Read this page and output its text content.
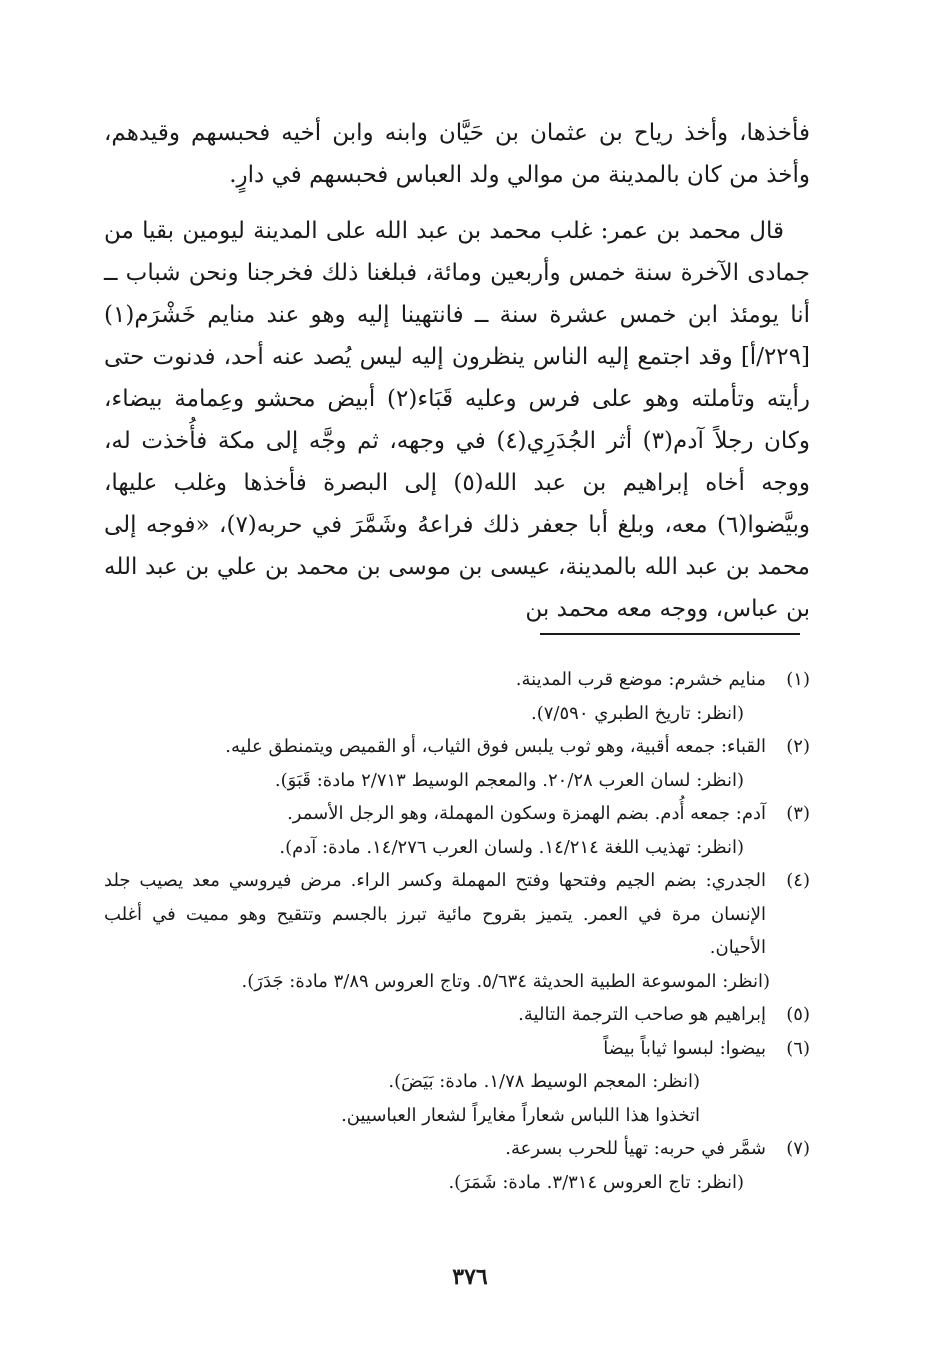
فأخذها، وأخذ رياح بن عثمان بن حَيَّان وابنه وابن أخيه فحبسهم وقيدهم، وأخذ من كان بالمدينة من موالي ولد العباس فحبسهم في دارٍ.

قال محمد بن عمر: غلب محمد بن عبد الله على المدينة ليومين بقيا من جمادى الآخرة سنة خمس وأربعين ومائة، فبلغنا ذلك فخرجنا ونحن شباب ــ أنا يومئذ ابن خمس عشرة سنة ــ فانتهينا إليه وهو عند منايم خَشْرَم(١) [٢٢٩/أ] وقد اجتمع إليه الناس ينظرون إليه ليس يُصد عنه أحد، فدنوت حتى رأيته وتأملته وهو على فرس وعليه قَبَاء(٢) أبيض محشو وعِمامة بيضاء، وكان رجلاً آدم(٣) أثر الجُدَرِي(٤) في وجهه، ثم وجَّه إلى مكة فأُخذت له، ووجه أخاه إبراهيم بن عبد الله(٥) إلى البصرة فأخذها وغلب عليها، وبيَّضوا(٦) معه، وبلغ أبا جعفر ذلك فراعهُ وشَمَّرَ في حربه(٧)، «فوجه إلى محمد بن عبد الله بالمدينة، عيسى بن موسى بن محمد بن علي بن عبد الله بن عباس، ووجه معه محمد بن

(١)
منايم خشرم: موضع قرب المدينة.
(انظر: تاريخ الطبري ٧/٥٩٠).
(٢)
القباء: جمعه أقبية، وهو ثوب يلبس فوق الثياب، أو القميص ويتمنطق عليه.
(انظر: لسان العرب ٢٠/٢٨. والمعجم الوسيط ٢/٧١٣ مادة: قَبَوَ).
(٣)
آدم: جمعه أُدم. بضم الهمزة وسكون المهملة، وهو الرجل الأسمر.
(انظر: تهذيب اللغة ١٤/٢١٤. ولسان العرب ١٤/٢٧٦. مادة: آدم).
(٤)
الجدري: بضم الجيم وفتحها وفتح المهملة وكسر الراء. مرض فيروسي معد يصيب جلد الإنسان مرة في العمر. يتميز بقروح مائية تبرز بالجسم وتتقيح وهو مميت في أغلب الأحيان.
(انظر: الموسوعة الطبية الحديثة ٥/٦٣٤. وتاج العروس ٣/٨٩ مادة: جَدَرَ).
(٥)
إبراهيم هو صاحب الترجمة التالية.
(٦)
بيضوا: لبسوا ثياباً بيضاً
(انظر: المعجم الوسيط ١/٧٨. مادة: بَيَضَ).
اتخذوا هذا اللباس شعاراً مغايراً لشعار العباسيين.
(٧)
شمَّر في حربه: تهيأ للحرب بسرعة.
(انظر: تاج العروس ٣/٣١٤. مادة: شَمَرَ).
٣٧٦
